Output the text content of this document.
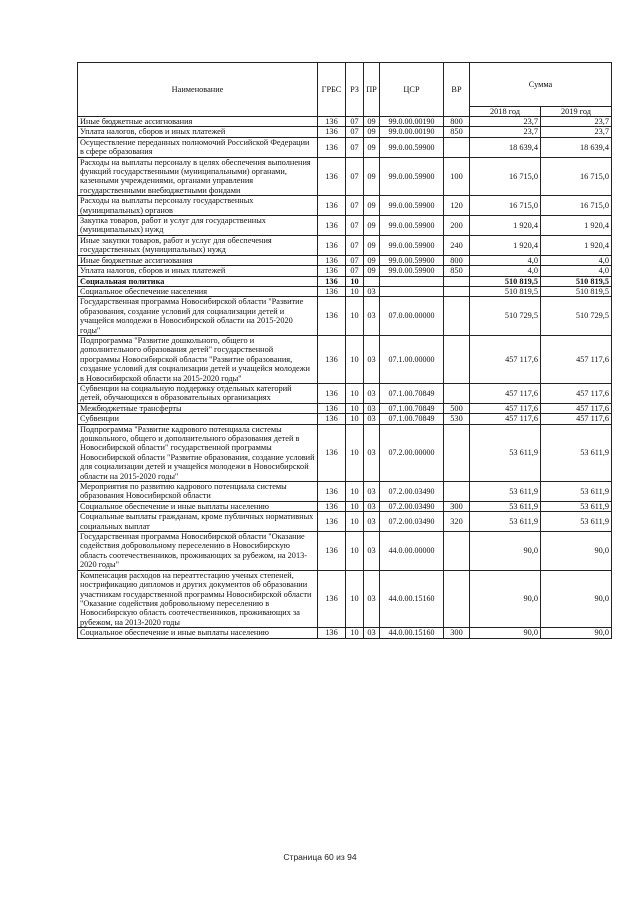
Наименование	ГРБС	РЗ	ПР	ЦСР	ВР	Сумма	
						2018 год	2019 год
Иные бюджетные ассигнования	136	07	09	99.0.00.00190	800	23,7	23,7
Уплата налогов, сборов и иных платежей	136	07	09	99.0.00.00190	850	23,7	23,7
Осуществление переданных полномочий Российской Федерации в сфере образования	136	07	09	99.0.00.59900		18 639,4	18 639,4
Расходы на выплаты персоналу в целях обеспечения выполнения функций государственными (муниципальными) органами, казенными учреждениями, органами управления государственными внебюджетными фондами	136	07	09	99.0.00.59900	100	16 715,0	16 715,0
Расходы на выплаты персоналу государственных (муниципальных) органов	136	07	09	99.0.00.59900	120	16 715,0	16 715,0
Закупка товаров, работ и услуг для государственных (муниципальных) нужд	136	07	09	99.0.00.59900	200	1 920,4	1 920,4
Иные закупки товаров, работ и услуг для обеспечения государственных (муниципальных) нужд	136	07	09	99.0.00.59900	240	1 920,4	1 920,4
Иные бюджетные ассигнования	136	07	09	99.0.00.59900	800	4,0	4,0
Уплата налогов, сборов и иных платежей	136	07	09	99.0.00.59900	850	4,0	4,0
Социальная политика	136	10				510 819,5	510 819,5
Социальное обеспечение населения	136	10	03			510 819,5	510 819,5
Государственная программа Новосибирской области "Развитие образования, создание условий для социализации детей и учащейся молодежи в Новосибирской области на 2015-2020 годы"	136	10	03	07.0.00.00000		510 729,5	510 729,5
Подпрограмма "Развитие дошкольного, общего и дополнительного образования детей" государственной программы Новосибирской области "Развитие образования, создание условий для социализации детей и учащейся молодежи в Новосибирской области на 2015-2020 годы"	136	10	03	07.1.00.00000		457 117,6	457 117,6
Субвенции на социальную поддержку отдельных категорий детей, обучающихся в образовательных организациях	136	10	03	07.1.00.70849		457 117,6	457 117,6
Межбюджетные трансферты	136	10	03	07.1.00.70849	500	457 117,6	457 117,6
Субвенции	136	10	03	07.1.00.70849	530	457 117,6	457 117,6
Подпрограмма "Развитие кадрового потенциала системы дошкольного, общего и дополнительного образования детей в Новосибирской области" государственной программы Новосибирской области "Развитие образования, создание условий для социализации детей и учащейся молодежи в Новосибирской области на 2015-2020 годы"	136	10	03	07.2.00.00000		53 611,9	53 611,9
Мероприятия по развитию кадрового потенциала системы образования Новосибирской области	136	10	03	07.2.00.03490		53 611,9	53 611,9
Социальное обеспечение и иные выплаты населению	136	10	03	07.2.00.03490	300	53 611,9	53 611,9
Социальные выплаты гражданам, кроме публичных нормативных социальных выплат	136	10	03	07.2.00.03490	320	53 611,9	53 611,9
Государственная программа Новосибирской области "Оказание содействия добровольному переселению в Новосибирскую область соотечественников, проживающих за рубежом, на 2013-2020 годы"	136	10	03	44.0.00.00000		90,0	90,0
Компенсация расходов на переаттестацию ученых степеней, нострификацию дипломов и других документов об образовании участникам государственной программы Новосибирской области "Оказание содействия добровольному переселению в Новосибирскую область соотечественников, проживающих за рубежом, на 2013-2020 годы	136	10	03	44.0.00.15160		90,0	90,0
Социальное обеспечение и иные выплаты населению	136	10	03	44.0.00.15160	300	90,0	90,0
Страница 60 из 94
